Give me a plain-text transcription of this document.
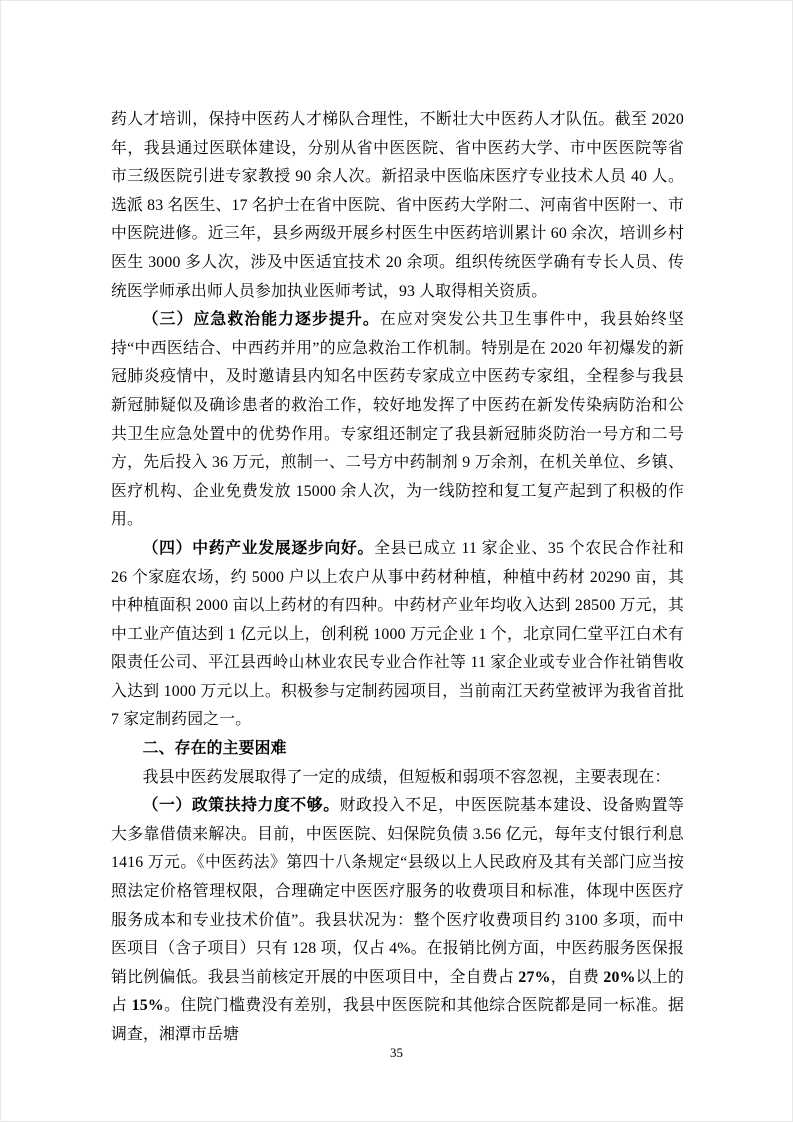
药人才培训，保持中医药人才梯队合理性，不断壮大中医药人才队伍。截至 2020 年，我县通过医联体建设，分别从省中医医院、省中医药大学、市中医医院等省市三级医院引进专家教授 90 余人次。新招录中医临床医疗专业技术人员 40 人。选派 83 名医生、17 名护士在省中医院、省中医药大学附二、河南省中医附一、市中医院进修。近三年，县乡两级开展乡村医生中医药培训累计 60 余次，培训乡村医生 3000 多人次，涉及中医适宜技术 20 余项。组织传统医学确有专长人员、传统医学师承出师人员参加执业医师考试，93 人取得相关资质。

（三）应急救治能力逐步提升。在应对突发公共卫生事件中，我县始终坚持“中西医结合、中西药并用”的应急救治工作机制。特别是在 2020 年初爆发的新冠肺炎疫情中，及时邀请县内知名中医药专家成立中医药专家组，全程参与我县新冠肺疑似及确诊患者的救治工作，较好地发挥了中医药在新发传染病防治和公共卫生应急处置中的优势作用。专家组还制定了我县新冠肺炎防治一号方和二号方，先后投入 36 万元，煎制一、二号方中药制剂 9 万余剂，在机关单位、乡镇、医疗机构、企业免费发放 15000 余人次，为一线防控和复工复产起到了积极的作用。

（四）中药产业发展逐步向好。全县已成立 11 家企业、35 个农民合作社和 26 个家庭农场，约 5000 户以上农户从事中药材种植，种植中药材 20290 亩，其中种植面积 2000 亩以上药材的有四种。中药材产业年均收入达到 28500 万元，其中工业产值达到 1 亿元以上，创利税 1000 万元企业 1 个，北京同仁堂平江白术有限责任公司、平江县西岭山林业农民专业合作社等 11 家企业或专业合作社销售收入达到 1000 万元以上。积极参与定制药园项目，当前南江天药堂被评为我省首批 7 家定制药园之一。

二、存在的主要困难

我县中医药发展取得了一定的成绩，但短板和弱项不容忽视，主要表现在：

（一）政策扶持力度不够。财政投入不足，中医医院基本建设、设备购置等大多靠借债来解决。目前，中医医院、妇保院负债 3.56 亿元，每年支付银行利息 1416 万元。《中医药法》第四十八条规定“县级以上人民政府及其有关部门应当按照法定价格管理权限，合理确定中医医疗服务的收费项目和标准，体现中医医疗服务成本和专业技术价值”。我县状况为：整个医疗收费项目约 3100 多项，而中医项目（含子项目）只有 128 项，仅占 4%。在报销比例方面，中医药服务医保报销比例偏低。我县当前核定开展的中医项目中，全自费占 27%，自费 20%以上的占 15%。住院门槛费没有差别，我县中医医院和其他综合医院都是同一标准。据调查，湘潭市岳塘

35
